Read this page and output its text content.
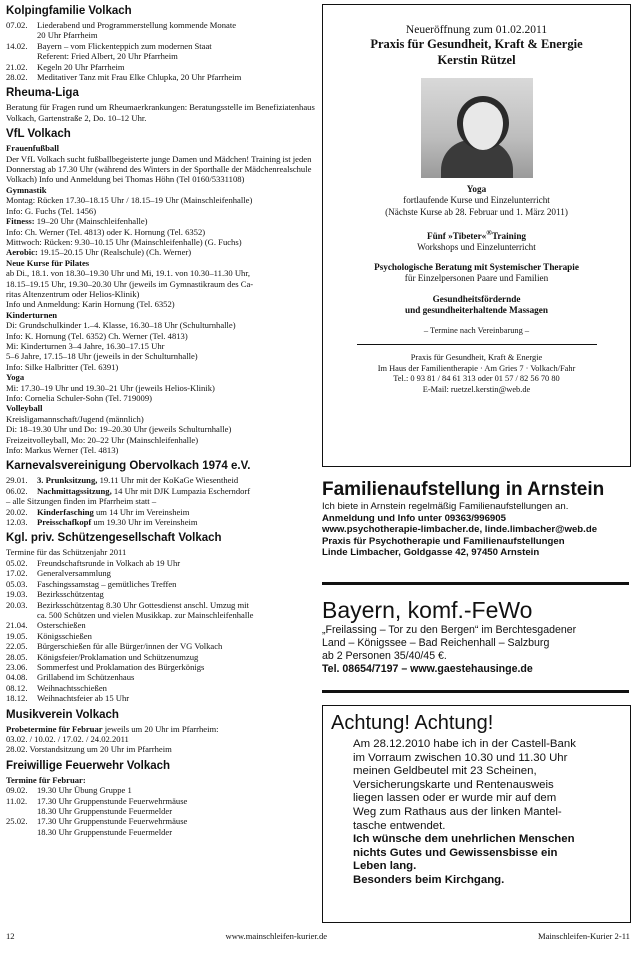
Kolpingfamilie Volkach
07.02.	Liederabend und Programmerstellung kommende Monate
20 Uhr Pfarrheim
14.02.	Bayern – vom Flickenteppich zum modernen Staat
Referent: Fried Albert, 20 Uhr Pfarrheim
21.02.	Kegeln 20 Uhr Pfarrheim
28.02.	Meditativer Tanz mit Frau Elke Chlupka, 20 Uhr Pfarrheim
Rheuma-Liga
Beratung für Fragen rund um Rheumaerkrankungen: Beratungsstelle im Benefiziatenhaus Volkach, Gartenstraße 2, Do. 10–12 Uhr.
VfL Volkach
Frauenfußball
Der VfL Volkach sucht fußballbegeisterte junge Damen und Mädchen! Training ist jeden Donnerstag ab 17.30 Uhr (während des Winters in der Sporthalle der Mädchenrealschule Volkach) Info und Anmeldung bei Thomas Höhn (Tel 0160/5331108)
Gymnastik
Montag: Rücken 17.30–18.15 Uhr / 18.15–19 Uhr (Mainschleifenhalle)
Info: G. Fuchs (Tel. 1456)
Fitness: 19–20 Uhr (Mainschleifenhalle)
Info: Ch. Werner (Tel. 4813) oder K. Hornung (Tel. 6352)
Mittwoch: Rücken: 9.30–10.15 Uhr (Mainschleifenhalle) (G. Fuchs)
Aerobic: 19.15–20.15 Uhr (Realschule) (Ch. Werner)
Neue Kurse für Pilates
ab Di., 18.1. von 18.30–19.30 Uhr und Mi, 19.1. von 10.30–11.30 Uhr,
18.15–19.15 Uhr, 19.30–20.30 Uhr (jeweils im Gymnastikraum des Ca-
ritas Altenzentrum oder Helios-Klinik)
Info und Anmeldung: Karin Hornung (Tel. 6352)
Kinderturnen
Di: Grundschulkinder 1.–4. Klasse, 16.30–18 Uhr (Schulturnhalle)
Info: K. Hornung (Tel. 6352) Ch. Werner (Tel. 4813)
Mi: Kinderturnen 3–4 Jahre, 16.30–17.15 Uhr
5–6 Jahre, 17.15–18 Uhr (jeweils in der Schulturnhalle)
Info: Silke Halbritter (Tel. 6391)
Yoga
Mi: 17.30–19 Uhr und 19.30–21 Uhr (jeweils Helios-Klinik)
Info: Cornelia Schuler-Sohn (Tel. 719009)
Volleyball
Kreisligamannschaft/Jugend (männlich)
Di: 18–19.30 Uhr und Do: 19–20.30 Uhr (jeweils Schulturnhalle)
Freizeitvolleyball, Mo: 20–22 Uhr (Mainschleifenhalle)
Info: Markus Werner (Tel. 4813)
Karnevalsvereinigung Obervolkach 1974 e.V.
29.01.	3. Prunksitzung, 19.11 Uhr mit der KoKaGe Wiesentheid
06.02.	Nachmittagssitzung, 14 Uhr mit DJK Lumpazia Escherndorf
– alle Sitzungen finden im Pfarrheim statt –
20.02.	Kinderfasching um 14 Uhr im Vereinsheim
12.03.	Preisschafkopf um 19.30 Uhr im Vereinsheim
Kgl. priv. Schützengesellschaft Volkach
Termine für das Schützenjahr 2011
05.02.	Freundschaftsrunde in Volkach ab 19 Uhr
17.02.	Generalversammlung
05.03.	Faschingssamstag – gemütliches Treffen
19.03.	Bezirksschützentag
20.03.	Bezirksschützentag 8.30 Uhr Gottesdienst anschl. Umzug mit
ca. 500 Schützen und vielen Musikkap. zur Mainschleifenhalle
21.04.	Osterschießen
19.05.	Königsschießen
22.05.	Bürgerschießen für alle Bürger/innen der VG Volkach
28.05.	Königsfeier/Proklamation und Schützenumzug
23.06.	Sommerfest und Proklamation des Bürgerkönigs
04.08.	Grillabend im Schützenhaus
08.12.	Weihnachtsschießen
18.12.	Weihnachtsfeier ab 15 Uhr
Musikverein Volkach
Probetermine für Februar jeweils um 20 Uhr im Pfarrheim:
03.02. / 10.02. / 17.02. / 24.02.2011
28.02. Vorstandsitzung um 20 Uhr im Pfarrheim
Freiwillige Feuerwehr Volkach
Termine für Februar:
09.02.	19.30 Uhr Übung Gruppe 1
11.02.	17.30 Uhr Gruppenstunde Feuerwehrmäuse
18.30 Uhr Gruppenstunde Feuermelder
25.02.	17.30 Uhr Gruppenstunde Feuerwehrmäuse
18.30 Uhr Gruppenstunde Feuermelder
Neueröffnung zum 01.02.2011
Praxis für Gesundheit, Kraft & Energie
Kerstin Rützel
Yoga
fortlaufende Kurse und Einzelunterricht
(Nächste Kurse ab 28. Februar und 1. März 2011)
Fünf »Tibeter«®Training
Workshops und Einzelunterricht
Psychologische Beratung mit Systemischer Therapie
für Einzelpersonen Paare und Familien
Gesundheitsfördernde
und gesundheiterhaltende Massagen
– Termine nach Vereinbarung –
Praxis für Gesundheit, Kraft & Energie
Im Haus der Familientherapie · Am Gries 7 · Volkach/Fahr
Tel.: 0 93 81 / 84 61 313 oder 01 57 / 82 56 70 80
E-Mail: ruetzel.kerstin@web.de
Familienaufstellung in Arnstein
Ich biete in Arnstein regelmäßig Familienaufstellungen an.
Anmeldung und Info unter 09363/996905
www.psychotherapie-limbacher.de, linde.limbacher@web.de
Praxis für Psychotherapie und Familienaufstellungen
Linde Limbacher, Goldgasse 42, 97450 Arnstein
Bayern, komf.-FeWo
„Freilassing – Tor zu den Bergen“ im Berchtesgadener
Land – Königssee – Bad Reichenhall – Salzburg
ab 2 Personen 35/40/45 €.
Tel. 08654/7197 – www.gaestehausinge.de
Achtung! Achtung!
Am 28.12.2010 habe ich in der Castell-Bank
im Vorraum zwischen 10.30 und 11.30 Uhr
meinen Geldbeutel mit 23 Scheinen,
Versicherungskarte und Rentenausweis
liegen lassen oder er wurde mir auf dem
Weg zum Rathaus aus der linken Mantel-
tasche entwendet.
Ich wünsche dem unehrlichen Menschen
nichts Gutes und Gewissensbisse ein
Leben lang.
Besonders beim Kirchgang.
12	www.mainschleifen-kurier.de	Mainschleifen-Kurier 2-11
